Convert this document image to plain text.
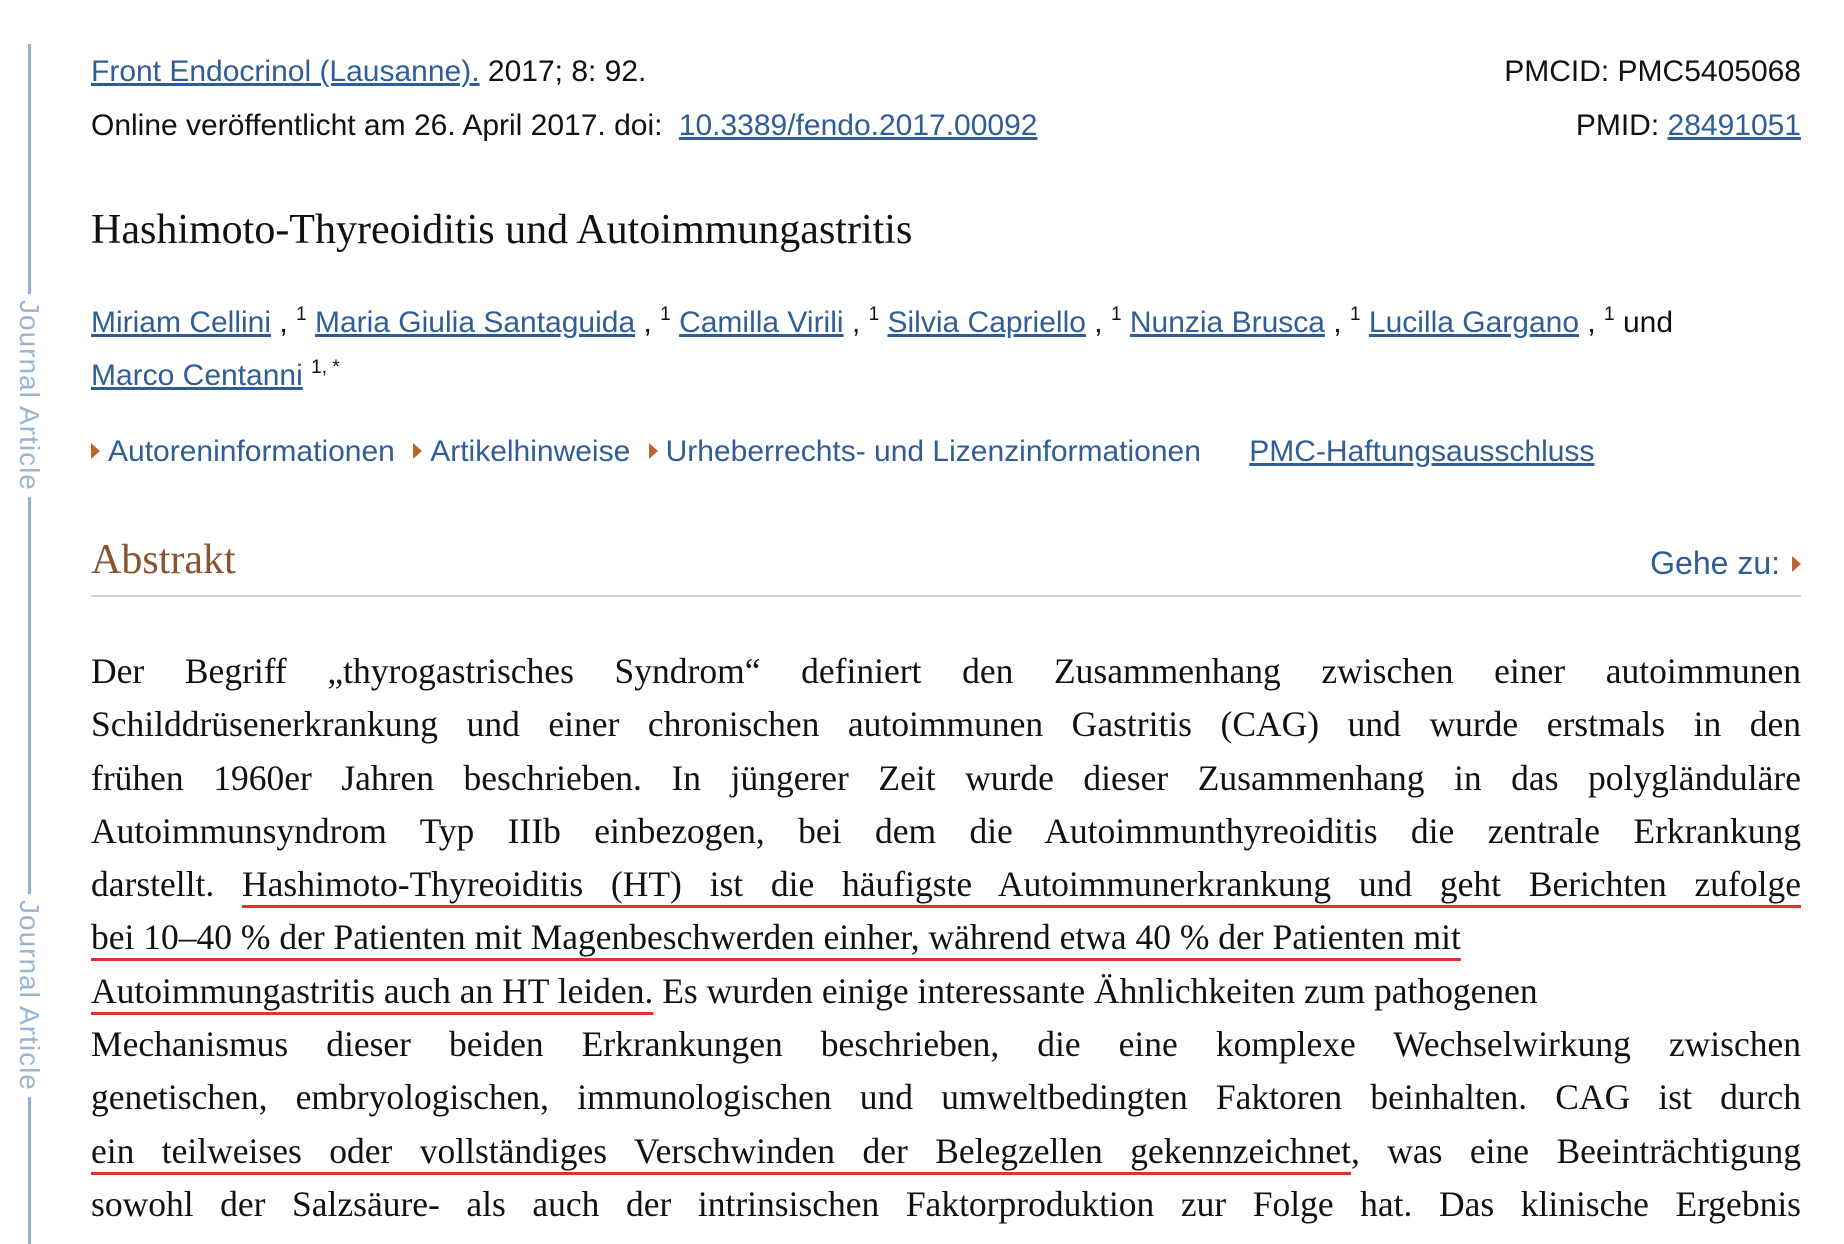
Journal Article
Journal Article
Front Endocrinol (Lausanne). 2017; 8: 92.	PMCID: PMC5405068
Online veröffentlicht am 26. April 2017. doi: 10.3389/fendo.2017.00092	PMID: 28491051
Hashimoto-Thyreoiditis und Autoimmungastritis
Miriam Cellini , $^1$ Maria Giulia Santaguida , $^1$ Camilla Virili , $^1$ Silvia Capriello , $^1$ Nunzia Brusca , $^1$ Lucilla Gargano , $^1$ und
Marco Centanni $^{1, *}$
Autoreninformationen Artikelhinweise Urheberrechts- und Lizenzinformationen PMC-Haftungsausschluss
Abstrakt	Gehe zu:
Der Begriff „thyrogastrisches Syndrom“ definiert den Zusammenhang zwischen einer autoimmunen
Schilddrüsenerkrankung und einer chronischen autoimmunen Gastritis (CAG) und wurde erstmals in den
frühen 1960er Jahren beschrieben. In jüngerer Zeit wurde dieser Zusammenhang in das polygländuläre
Autoimmunsyndrom Typ IIIb einbezogen, bei dem die Autoimmunthyreoiditis die zentrale Erkrankung
darstellt. Hashimoto-Thyreoiditis (HT) ist die häufigste Autoimmunerkrankung und geht Berichten zufolge
bei 10–40 % der Patienten mit Magenbeschwerden einher, während etwa 40 % der Patienten mit
Autoimmungastritis auch an HT leiden. Es wurden einige interessante Ähnlichkeiten zum pathogenen
Mechanismus dieser beiden Erkrankungen beschrieben, die eine komplexe Wechselwirkung zwischen
genetischen, embryologischen, immunologischen und umweltbedingten Faktoren beinhalten. CAG ist durch
ein teilweises oder vollständiges Verschwinden der Belegzellen gekennzeichnet, was eine Beeinträchtigung
sowohl der Salzsäure- als auch der intrinsischen Faktorproduktion zur Folge hat. Das klinische Ergebnis
